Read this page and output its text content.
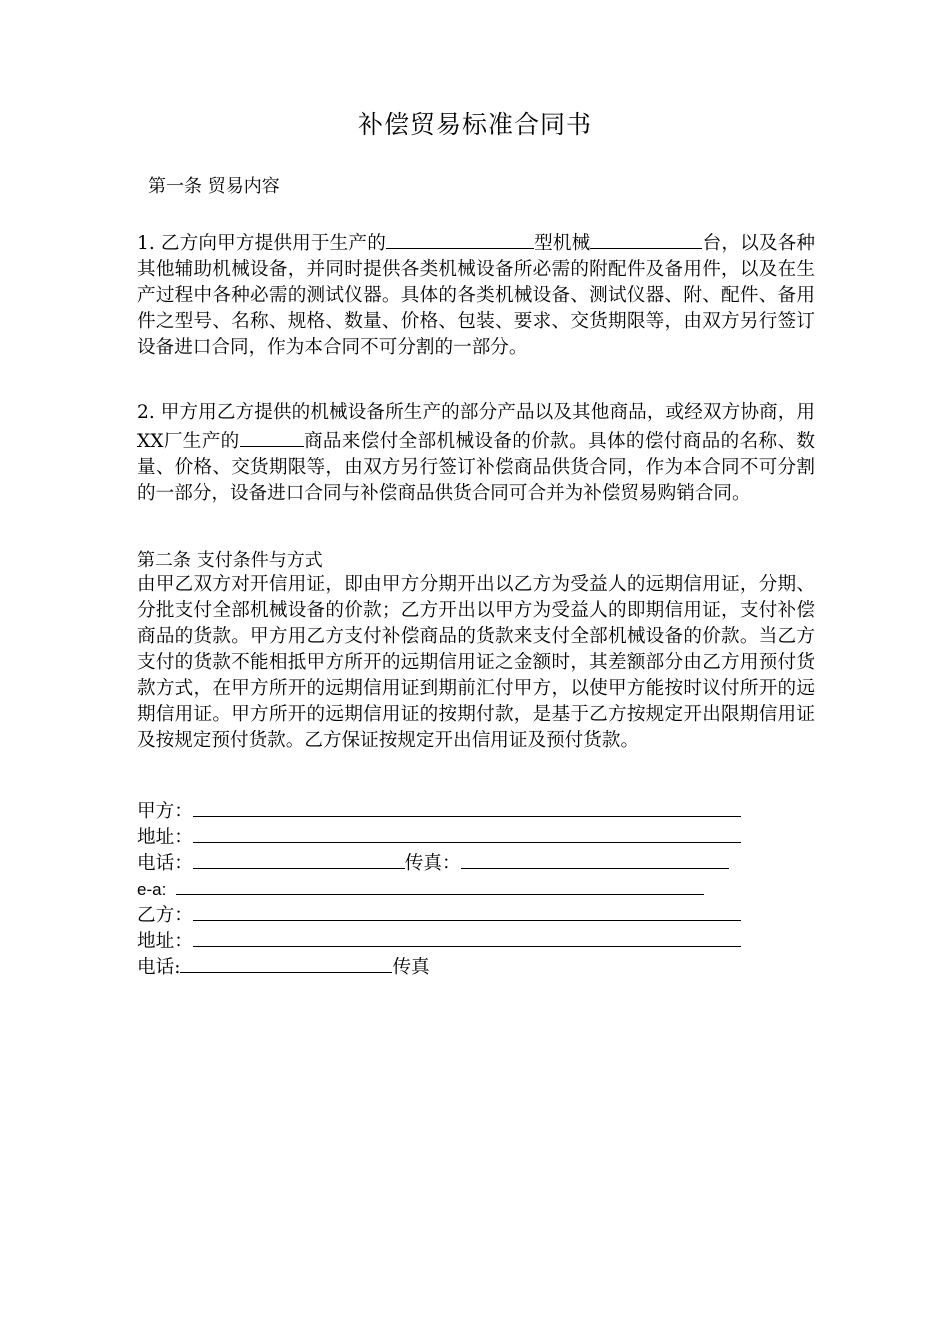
补偿贸易标准合同书
第一条 贸易内容
1. 乙方向甲方提供用于生产的	型机械	台，以及各种其他辅助机械设备，并同时提供各类机械设备所必需的附配件及备用件，以及在生产过程中各种必需的测试仪器。具体的各类机械设备、测试仪器、附、配件、备用件之型号、名称、规格、数量、价格、包装、要求、交货期限等，由双方另行签订设备进口合同，作为本合同不可分割的一部分。
2. 甲方用乙方提供的机械设备所生产的部分产品以及其他商品，或经双方协商，用XX厂生产的	商品来偿付全部机械设备的价款。具体的偿付商品的名称、数量、价格、交货期限等，由双方另行签订补偿商品供货合同，作为本合同不可分割的一部分，设备进口合同与补偿商品供货合同可合并为补偿贸易购销合同。
第二条 支付条件与方式
由甲乙双方对开信用证，即由甲方分期开出以乙方为受益人的远期信用证，分期、分批支付全部机械设备的价款；乙方开出以甲方为受益人的即期信用证，支付补偿商品的货款。甲方用乙方支付补偿商品的货款来支付全部机械设备的价款。当乙方支付的货款不能相抵甲方所开的远期信用证之金额时，其差额部分由乙方用预付货款方式，在甲方所开的远期信用证到期前汇付甲方，以使甲方能按时议付所开的远期信用证。甲方所开的远期信用证的按期付款，是基于乙方按规定开出限期信用证及按规定预付货款。乙方保证按规定开出信用证及预付货款。
甲方：
地址：
电话：	传真：
e-a:
乙方：
地址：
电话:	传真
